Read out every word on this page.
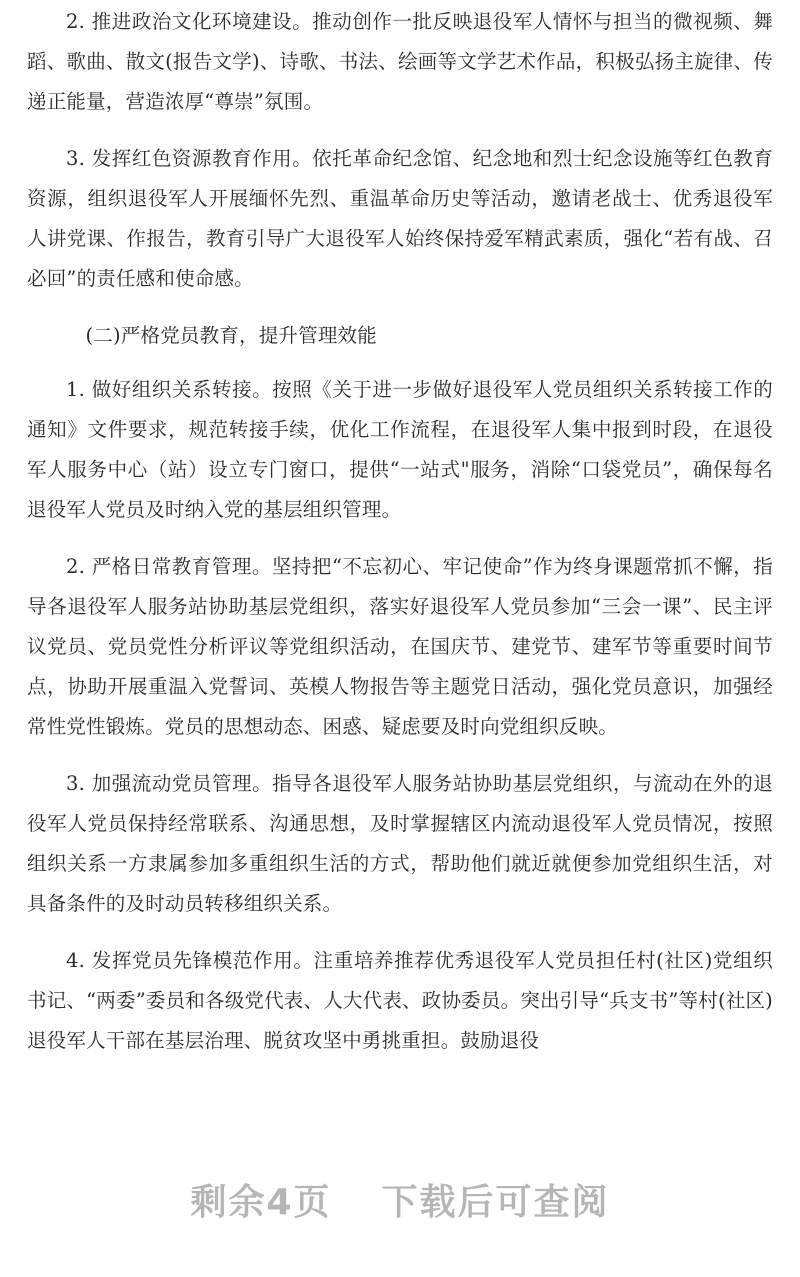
2. 推进政治文化环境建设。推动创作一批反映退役军人情怀与担当的微视频、舞蹈、歌曲、散文(报告文学)、诗歌、书法、绘画等文学艺术作品，积极弘扬主旋律、传递正能量，营造浓厚“尊崇”氛围。

3. 发挥红色资源教育作用。依托革命纪念馆、纪念地和烈士纪念设施等红色教育资源，组织退役军人开展缅怀先烈、重温革命历史等活动，邀请老战士、优秀退役军人讲党课、作报告，教育引导广大退役军人始终保持爱军精武素质，强化“若有战、召必回”的责任感和使命感。

(二)严格党员教育，提升管理效能

1. 做好组织关系转接。按照《关于进一步做好退役军人党员组织关系转接工作的通知》文件要求，规范转接手续，优化工作流程，在退役军人集中报到时段，在退役军人服务中心（站）设立专门窗口，提供“一站式"服务，消除“口袋党员”，确保每名退役军人党员及时纳入党的基层组织管理。

2. 严格日常教育管理。坚持把“不忘初心、牢记使命”作为终身课题常抓不懈，指导各退役军人服务站协助基层党组织，落实好退役军人党员参加“三会一课”、民主评议党员、党员党性分析评议等党组织活动，在国庆节、建党节、建军节等重要时间节点，协助开展重温入党誓词、英模人物报告等主题党日活动，强化党员意识，加强经常性党性锻炼。党员的思想动态、困惑、疑虑要及时向党组织反映。

3. 加强流动党员管理。指导各退役军人服务站协助基层党组织，与流动在外的退役军人党员保持经常联系、沟通思想，及时掌握辖区内流动退役军人党员情况，按照组织关系一方隶属参加多重组织生活的方式，帮助他们就近就便参加党组织生活，对具备条件的及时动员转移组织关系。

4. 发挥党员先锋模范作用。注重培养推荐优秀退役军人党员担任村(社区)党组织书记、“两委”委员和各级党代表、人大代表、政协委员。突出引导“兵支书”等村(社区)退役军人干部在基层治理、脱贫攻坚中勇挑重担。鼓励退役

剩余4页 下载后可查阅
